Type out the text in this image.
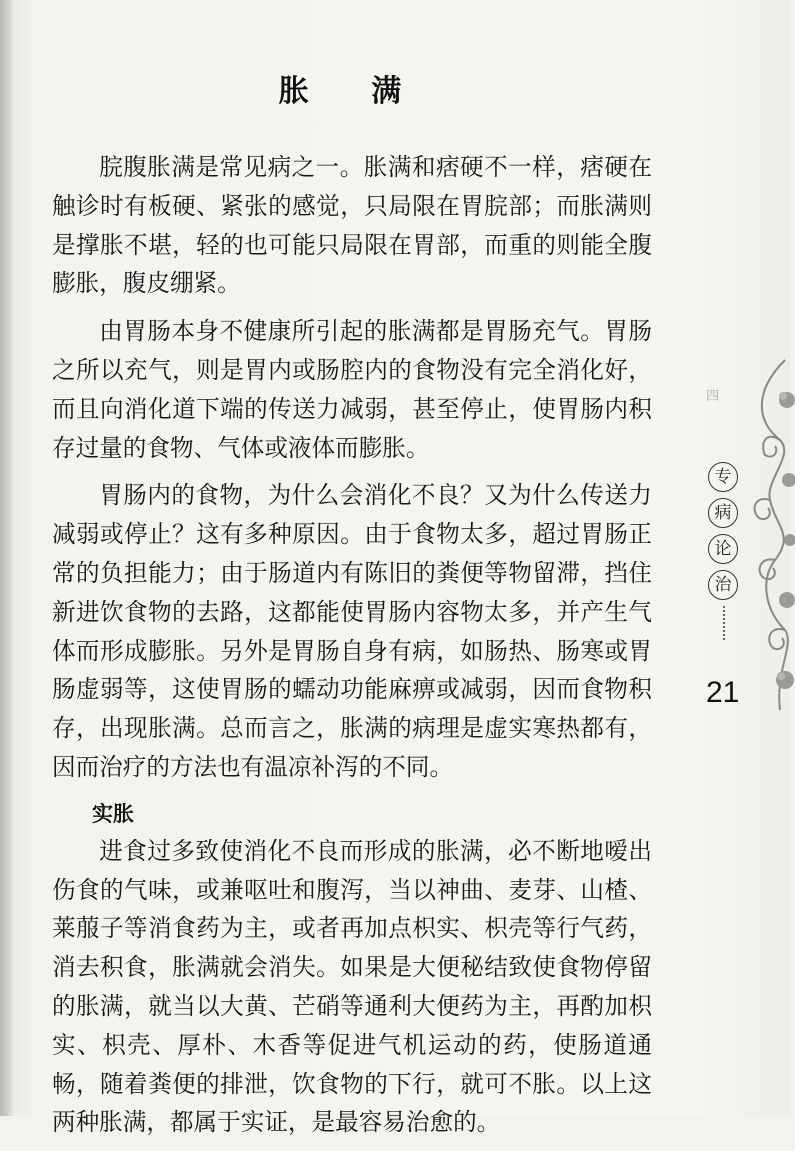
胀 满

脘腹胀满是常见病之一。胀满和痞硬不一样，痞硬在触诊时有板硬、紧张的感觉，只局限在胃脘部；而胀满则是撑胀不堪，轻的也可能只局限在胃部，而重的则能全腹膨胀，腹皮绷紧。

由胃肠本身不健康所引起的胀满都是胃肠充气。胃肠之所以充气，则是胃内或肠腔内的食物没有完全消化好，而且向消化道下端的传送力减弱，甚至停止，使胃肠内积存过量的食物、气体或液体而膨胀。

胃肠内的食物，为什么会消化不良？又为什么传送力减弱或停止？这有多种原因。由于食物太多，超过胃肠正常的负担能力；由于肠道内有陈旧的粪便等物留滞，挡住新进饮食物的去路，这都能使胃肠内容物太多，并产生气体而形成膨胀。另外是胃肠自身有病，如肠热、肠寒或胃肠虚弱等，这使胃肠的蠕动功能麻痹或减弱，因而食物积存，出现胀满。总而言之，胀满的病理是虚实寒热都有，因而治疗的方法也有温凉补泻的不同。

实胀

进食过多致使消化不良而形成的胀满，必不断地嗳出伤食的气味，或兼呕吐和腹泻，当以神曲、麦芽、山楂、莱菔子等消食药为主，或者再加点枳实、枳壳等行气药，消去积食，胀满就会消失。如果是大便秘结致使食物停留的胀满，就当以大黄、芒硝等通利大便药为主，再酌加枳实、枳壳、厚朴、木香等促进气机运动的药，使肠道通畅，随着粪便的排泄，饮食物的下行，就可不胀。以上这两种胀满，都属于实证，是最容易治愈的。

四
专
病
论
治
21
